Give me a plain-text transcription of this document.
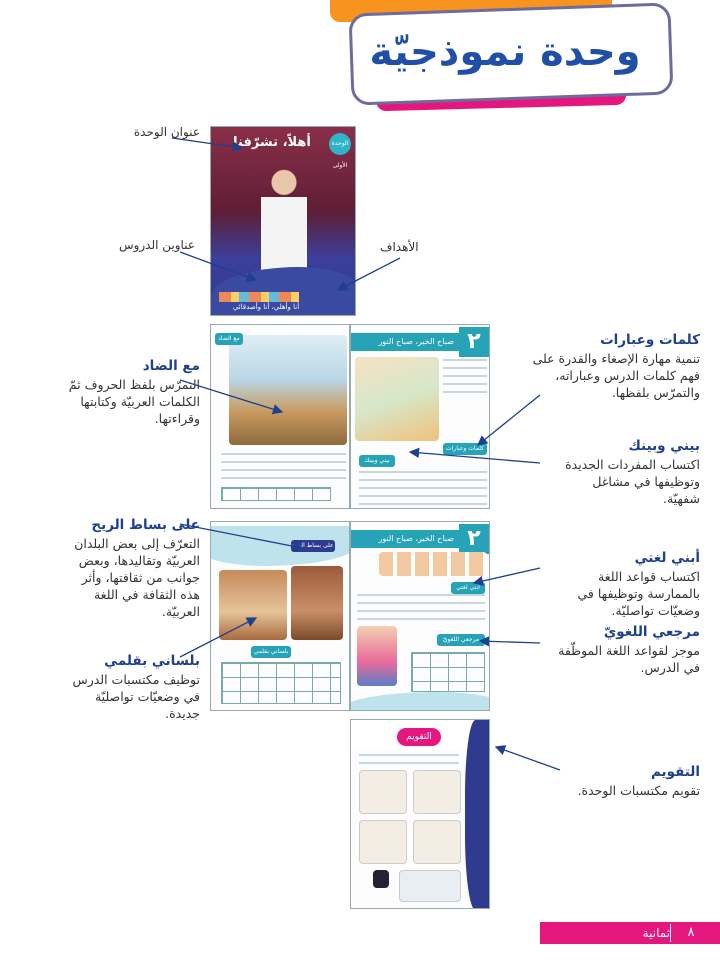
وحدة نموذجيّة
عنوان الوحدة
عناوين الدروس	الأهداف
أهلاً، تشرّفنا	الوحدة الأولى
أنا وأهلي، أنا وأصدقائي
مع الضاد	صباح الخير، صباح النور ٢
كلمات وعبارات
بيني وبينك
على بساط الريح
بلساني بقلمي
صباح الخير، صباح النور ٢
أبني لغتي
مرجعي اللغويّ
التقويم
كلمات وعبارات
تنمية مهارة الإصغاء والقدرة على فهم كلمات الدرس وعباراته، والتمرّس بلفظها.
بيني وبينك
اكتساب المفردات الجديدة وتوظيفها في مشاغل شفهيّة.
أبني لغتي
اكتساب قواعد اللغة بالممارسة وتوظيفها في وضعيّات تواصليّة.
مرجعي اللغويّ
موجز لقواعد اللغة الموظّفة في الدرس.
التقويم
تقويم مكتسبات الوحدة.
مع الضاد
التمرّس بلفظ الحروف ثمّ الكلمات العربيّة وكتابتها وقراءتها.
على بساط الريح
التعرّف إلى بعض البلدان العربيّة وتقاليدها، وبعض جوانب من ثقافتها، وأثر هذه الثقافة في اللغة العربيّة.
بلساني بقلمي
توظيف مكتسبات الدرس في وضعيّات تواصليّة جديدة.
ثمانية	٨
